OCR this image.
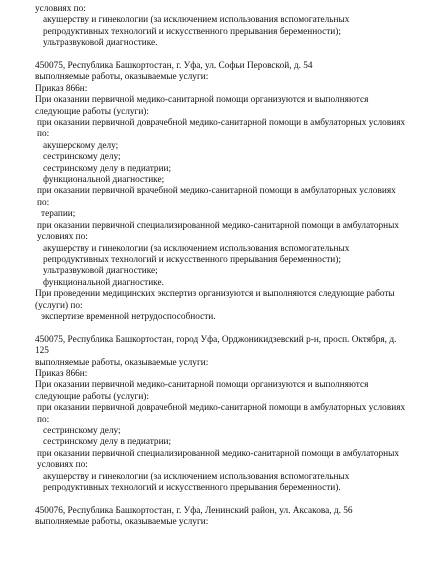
условиях по:

акушерству и гинекологии (за исключением использования вспомогательных репродуктивных технологий и искусственного прерывания беременности);

ультразвуковой диагностике.

450075, Республика Башкортостан, г. Уфа, ул. Софьи Перовской, д. 54

выполняемые работы, оказываемые услуги:

Приказ 866н:

При оказании первичной медико-санитарной помощи организуются и выполняются следующие работы (услуги):

при оказании первичной доврачебной медико-санитарной помощи в амбулаторных условиях по:

акушерскому делу;

сестринскому делу;

сестринскому делу в педиатрии;

функциональной диагностике;

при оказании первичной врачебной медико-санитарной помощи в амбулаторных условиях по:

терапии;

при оказании первичной специализированной медико-санитарной помощи в амбулаторных условиях по:

акушерству и гинекологии (за исключением использования вспомогательных репродуктивных технологий и искусственного прерывания беременности);

ультразвуковой диагностике;

функциональной диагностике.

При проведении медицинских экспертиз организуются и выполняются следующие работы (услуги) по:

экспертизе временной нетрудоспособности.

450075, Республика Башкортостан, город Уфа, Орджоникидзевский р-н, просп. Октября, д. 125

выполняемые работы, оказываемые услуги:

Приказ 866н:

При оказании первичной медико-санитарной помощи организуются и выполняются следующие работы (услуги):

при оказании первичной доврачебной медико-санитарной помощи в амбулаторных условиях по:

сестринскому делу;

сестринскому делу в педиатрии;

при оказании первичной специализированной медико-санитарной помощи в амбулаторных условиях по:

акушерству и гинекологии (за исключением использования вспомогательных репродуктивных технологий и искусственного прерывания беременности).

450076, Республика Башкортостан, г. Уфа, Ленинский район, ул. Аксакова, д. 56

выполняемые работы, оказываемые услуги:
